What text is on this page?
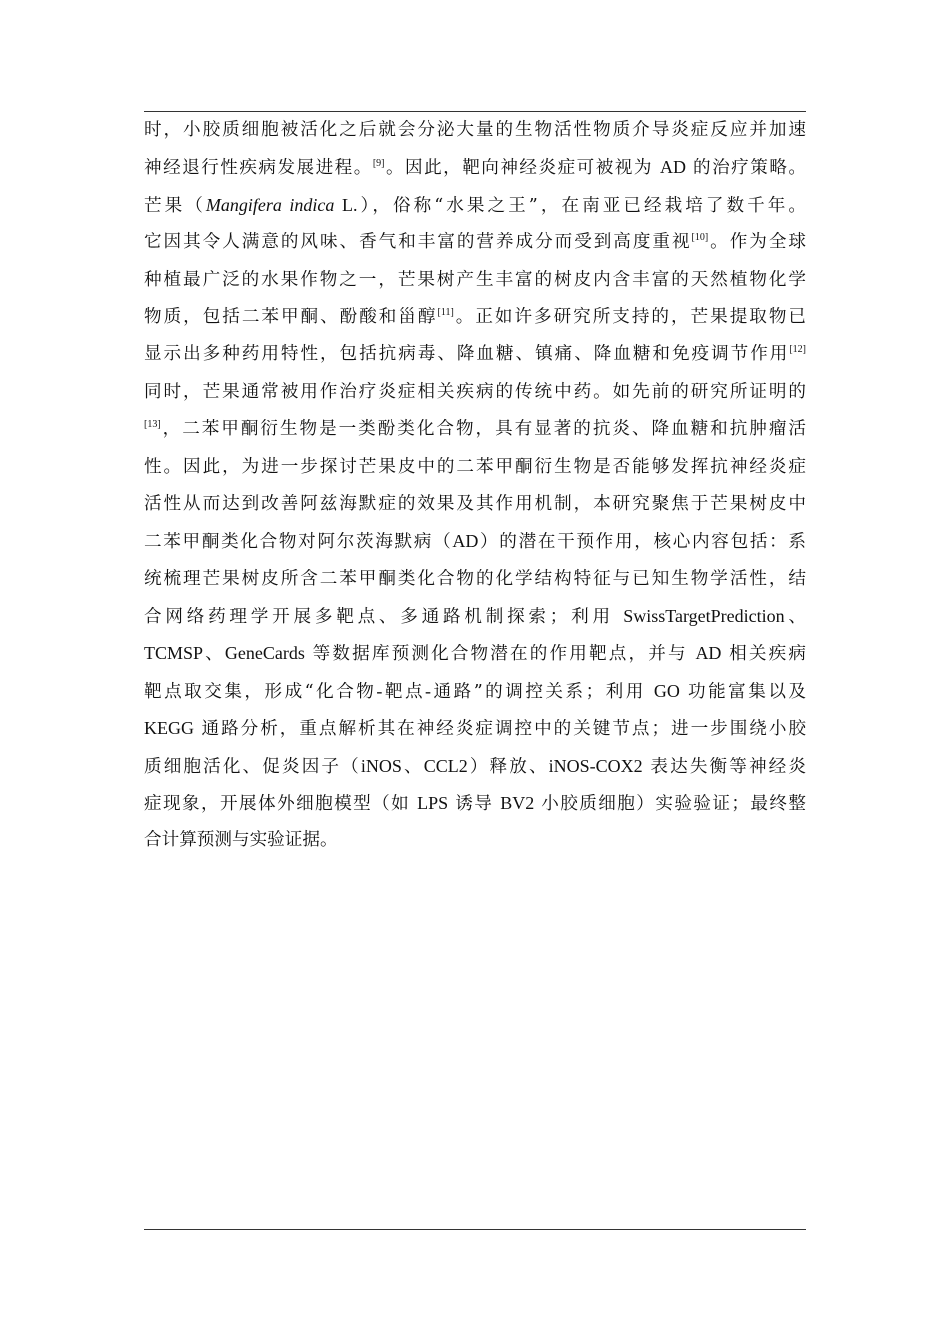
时，小胶质细胞被活化之后就会分泌大量的生物活性物质介导炎症反应并加速
神经退行性疾病发展进程。[9]。因此，靶向神经炎症可被视为 AD 的治疗策略。
芒果（Mangifera indica L.），俗称“水果之王”，在南亚已经栽培了数千年。
它因其令人满意的风味、香气和丰富的营养成分而受到高度重视[10]。作为全球
种植最广泛的水果作物之一，芒果树产生丰富的树皮内含丰富的天然植物化学
物质，包括二苯甲酮、酚酸和甾醇[11]。正如许多研究所支持的，芒果提取物已
显示出多种药用特性，包括抗病毒、降血糖、镇痛、降血糖和免疫调节作用[12]
同时，芒果通常被用作治疗炎症相关疾病的传统中药。如先前的研究所证明的
[13]，二苯甲酮衍生物是一类酚类化合物，具有显著的抗炎、降血糖和抗肿瘤活
性。因此，为进一步探讨芒果皮中的二苯甲酮衍生物是否能够发挥抗神经炎症
活性从而达到改善阿兹海默症的效果及其作用机制，本研究聚焦于芒果树皮中
二苯甲酮类化合物对阿尔茨海默病（AD）的潜在干预作用，核心内容包括：系
统梳理芒果树皮所含二苯甲酮类化合物的化学结构特征与已知生物学活性，结
合网络药理学开展多靶点、多通路机制探索；利用 SwissTargetPrediction、
TCMSP、GeneCards 等数据库预测化合物潜在的作用靶点，并与 AD 相关疾病
靶点取交集，形成“化合物-靶点-通路”的调控关系；利用 GO 功能富集以及
KEGG 通路分析，重点解析其在神经炎症调控中的关键节点；进一步围绕小胶
质细胞活化、促炎因子（iNOS、CCL2）释放、iNOS-COX2 表达失衡等神经炎
症现象，开展体外细胞模型（如 LPS 诱导 BV2 小胶质细胞）实验验证；最终整
合计算预测与实验证据。
